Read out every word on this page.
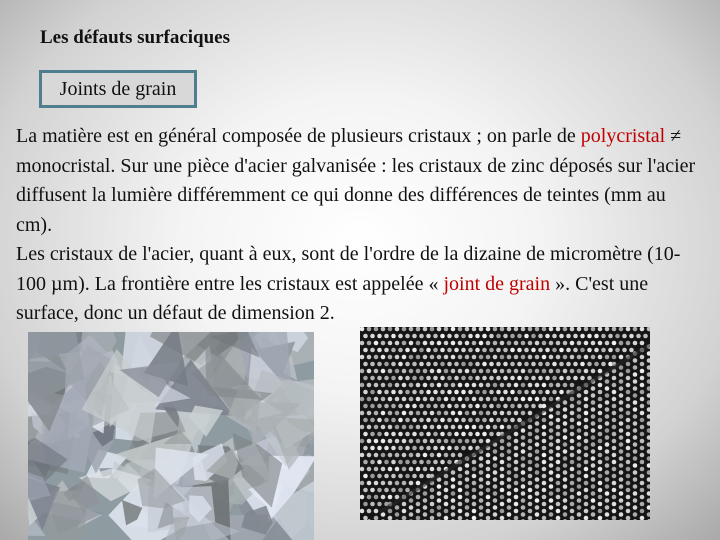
Les défauts surfaciques
Joints de grain

La matière est en général composée de plusieurs cristaux ; on parle de polycristal ≠ monocristal. Sur une pièce d'acier galvanisée : les cristaux de zinc déposés sur l'acier diffusent la lumière différemment ce qui donne des différences de teintes (mm au cm).

Les cristaux de l'acier, quant à eux, sont de l'ordre de la dizaine de micromètre (10-100 µm). La frontière entre les cristaux est appelée « joint de grain ». C'est une surface, donc un défaut de dimension 2.
